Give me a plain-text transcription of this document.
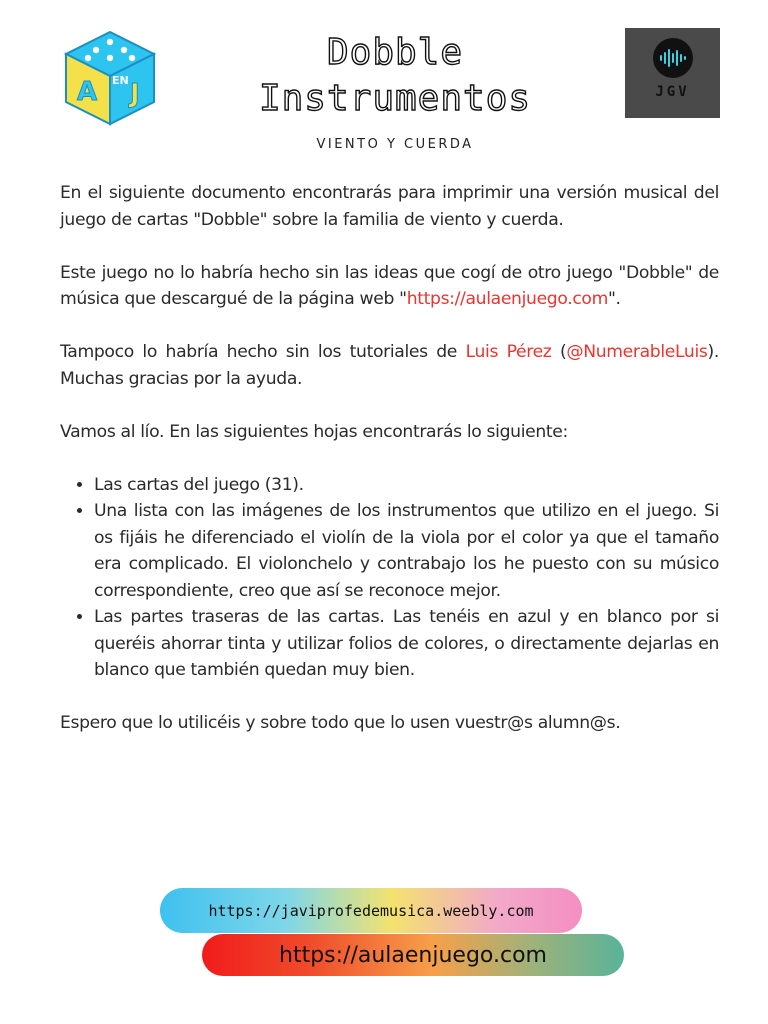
A J
EN
Dobble
Instrumentos
VIENTO Y CUERDA
JGV

En el siguiente documento encontrarás para imprimir una versión musical del juego de cartas "Dobble" sobre la familia de viento y cuerda.

Este juego no lo habría hecho sin las ideas que cogí de otro juego "Dobble" de música que descargué de la página web "https://aulaenjuego.com".

Tampoco lo habría hecho sin los tutoriales de Luis Pérez (@NumerableLuis). Muchas gracias por la ayuda.

Vamos al lío. En las siguientes hojas encontrarás lo siguiente:

• Las cartas del juego (31).
• Una lista con las imágenes de los instrumentos que utilizo en el juego. Si os fijáis he diferenciado el violín de la viola por el color ya que el tamaño era complicado. El violonchelo y contrabajo los he puesto con su músico correspondiente, creo que así se reconoce mejor.
• Las partes traseras de las cartas. Las tenéis en azul y en blanco por si queréis ahorrar tinta y utilizar folios de colores, o directamente dejarlas en blanco que también quedan muy bien.

Espero que lo utilicéis y sobre todo que lo usen vuestr@s alumn@s.

https://javiprofedemusica.weebly.com
https://aulaenjuego.com
